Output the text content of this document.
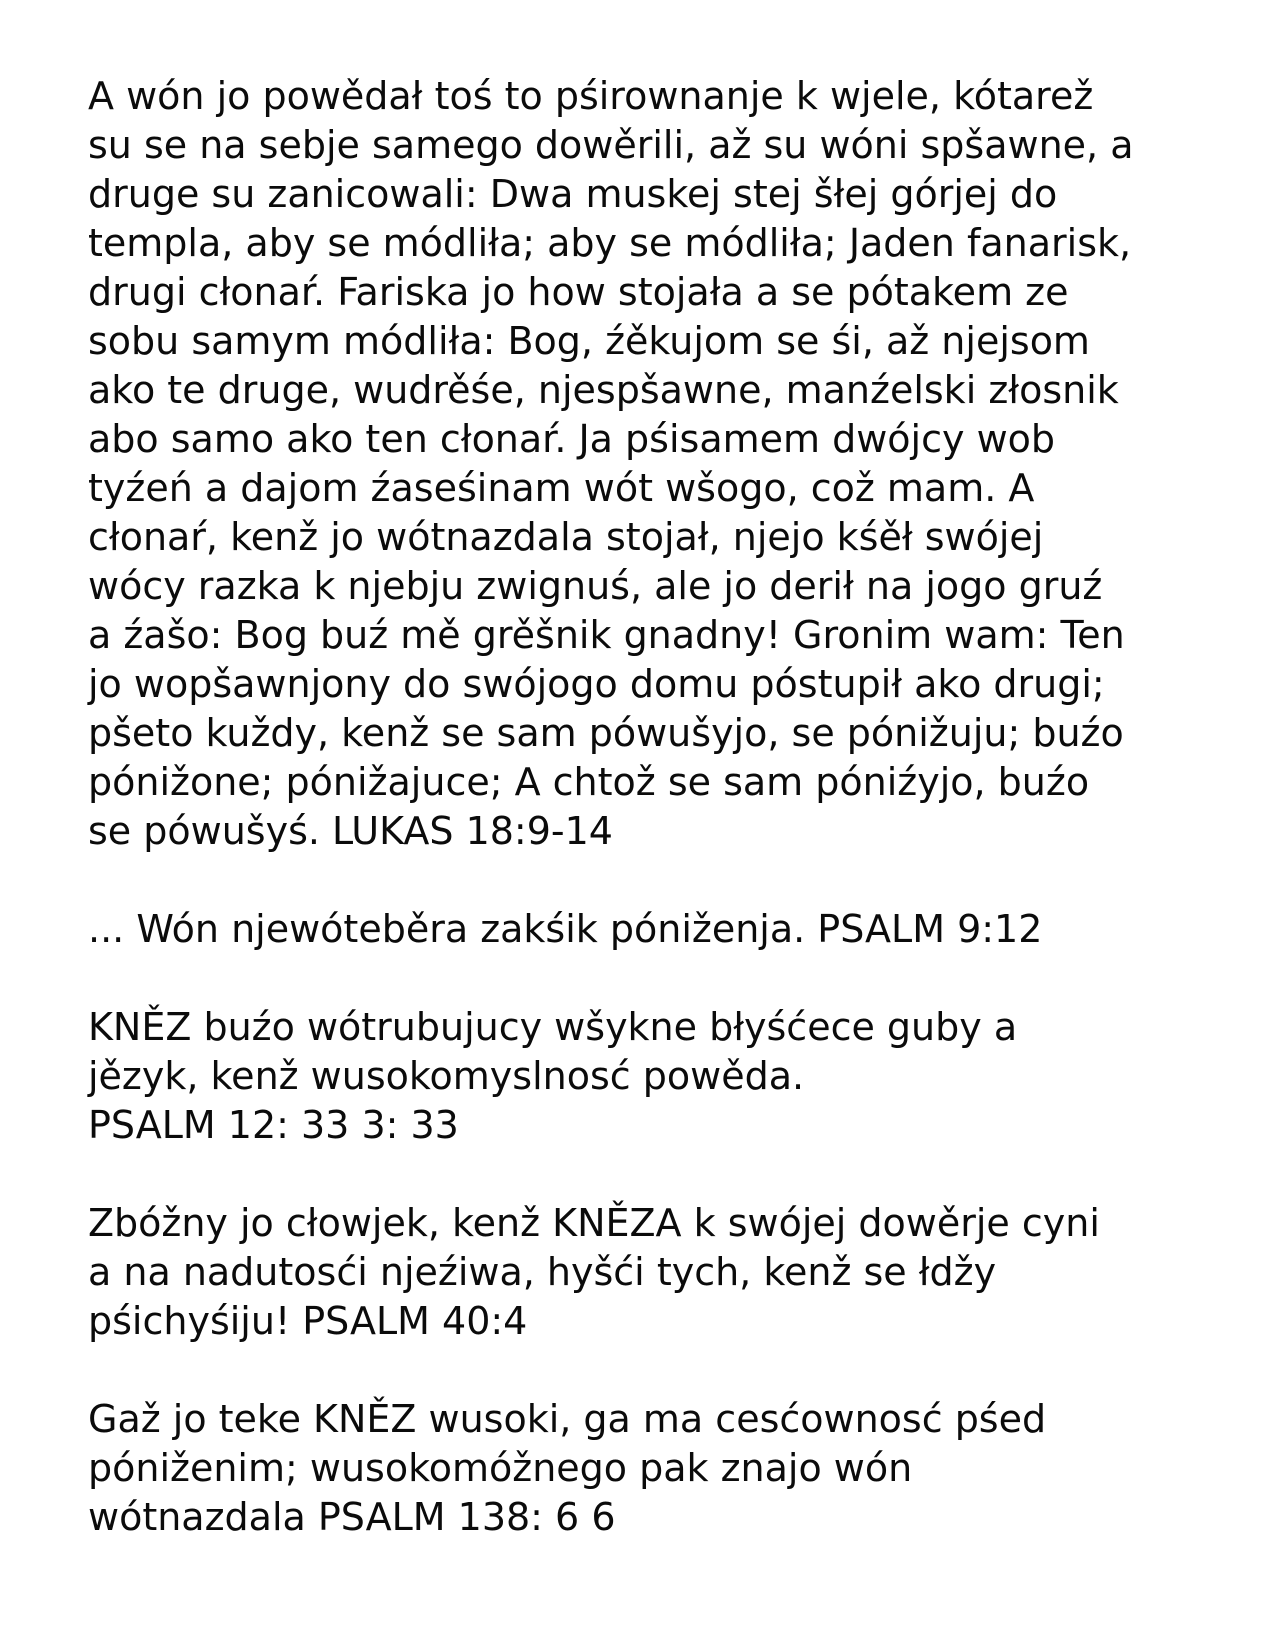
A wón jo powědał toś to pśirownanje k wjele, kótarež
su se na sebje samego dowěrili, až su wóni spšawne, a
druge su zanicowali: Dwa muskej stej šłej górjej do
templa, aby se módliła; aby se módliła; Jaden fanarisk,
drugi cłonaŕ. Fariska jo how stojała a se pótakem ze
sobu samym módliła: Bog, źěkujom se śi, až njejsom
ako te druge, wudrěśe, njespšawne, manźelski złosnik
abo samo ako ten cłonaŕ. Ja pśisamem dwójcy wob
tyźeń a dajom źaseśinam wót wšogo, což mam. A
cłonaŕ, kenž jo wótnazdala stojał, njejo kśěł swójej
wócy razka k njebju zwignuś, ale jo derił na jogo gruź
a źašo: Bog buź mě grěšnik gnadny! Gronim wam: Ten
jo wopšawnjony do swójogo domu póstupił ako drugi;
pšeto kuždy, kenž se sam pówušyjo, se pónižuju; buźo
pónižone; pónižajuce; A chtož se sam póniźyjo, buźo
se pówušyś. LUKAS 18:9-14

... Wón njewóteběra zakśik póniženja. PSALM 9:12

KNĚZ buźo wótrubujucy wšykne błyśćece guby a
jězyk, kenž wusokomyslnosć powěda.
PSALM 12: 33 3: 33

Zbóžny jo cłowjek, kenž KNĚZA k swójej dowěrje cyni
a na nadutosći njeźiwa, hyšći tych, kenž se łdžy
pśichyśiju! PSALM 40:4

Gaž jo teke KNĚZ wusoki, ga ma cesćownosć pśed
póniženim; wusokomóžnego pak znajo wón
wótnazdala PSALM 138: 6 6
